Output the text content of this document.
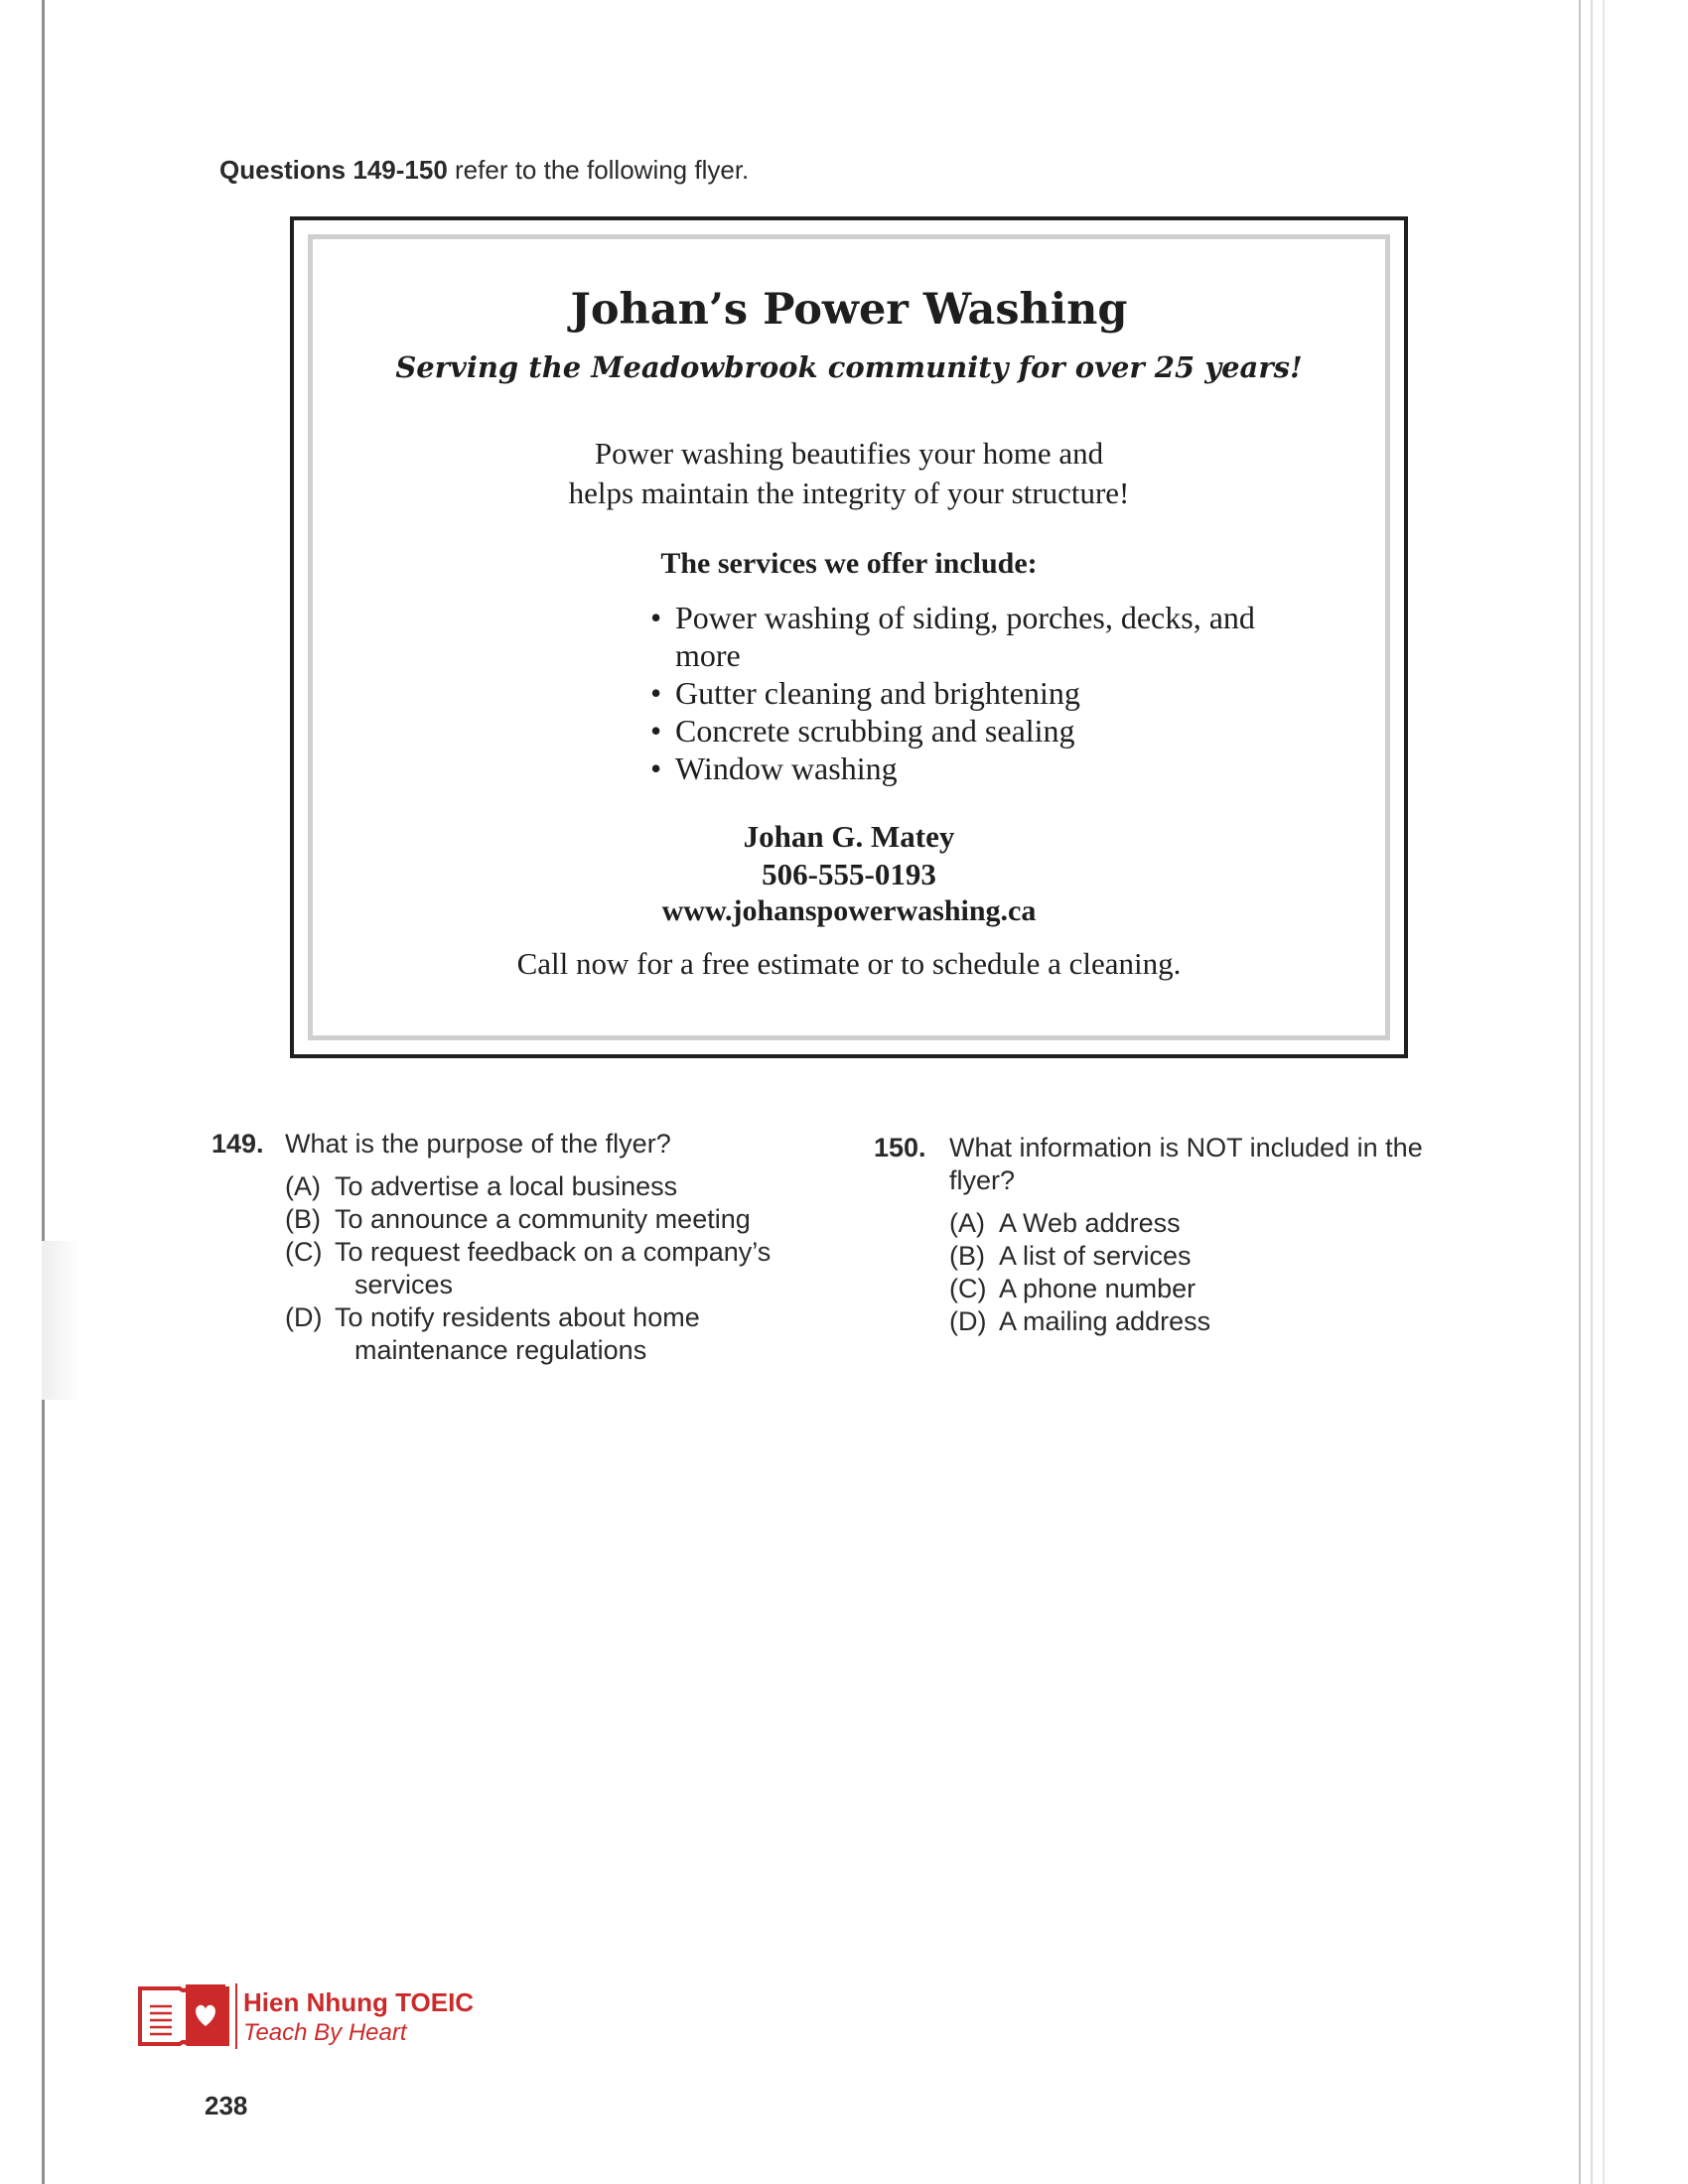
Questions 149-150 refer to the following flyer.
Johan’s Power Washing
Serving the Meadowbrook community for over 25 years!
Power washing beautifies your home and
helps maintain the integrity of your structure!
The services we offer include:
• Power washing of siding, porches, decks, and more
• Gutter cleaning and brightening
• Concrete scrubbing and sealing
• Window washing
Johan G. Matey
506-555-0193
www.johanspowerwashing.ca
Call now for a free estimate or to schedule a cleaning.
149. What is the purpose of the flyer?
(A) To advertise a local business
(B) To announce a community meeting
(C) To request feedback on a company’s
services
(D) To notify residents about home
maintenance regulations
150. What information is NOT included in the flyer?
(A) A Web address
(B) A list of services
(C) A phone number
(D) A mailing address
Hien Nhung TOEIC
Teach By Heart
238
